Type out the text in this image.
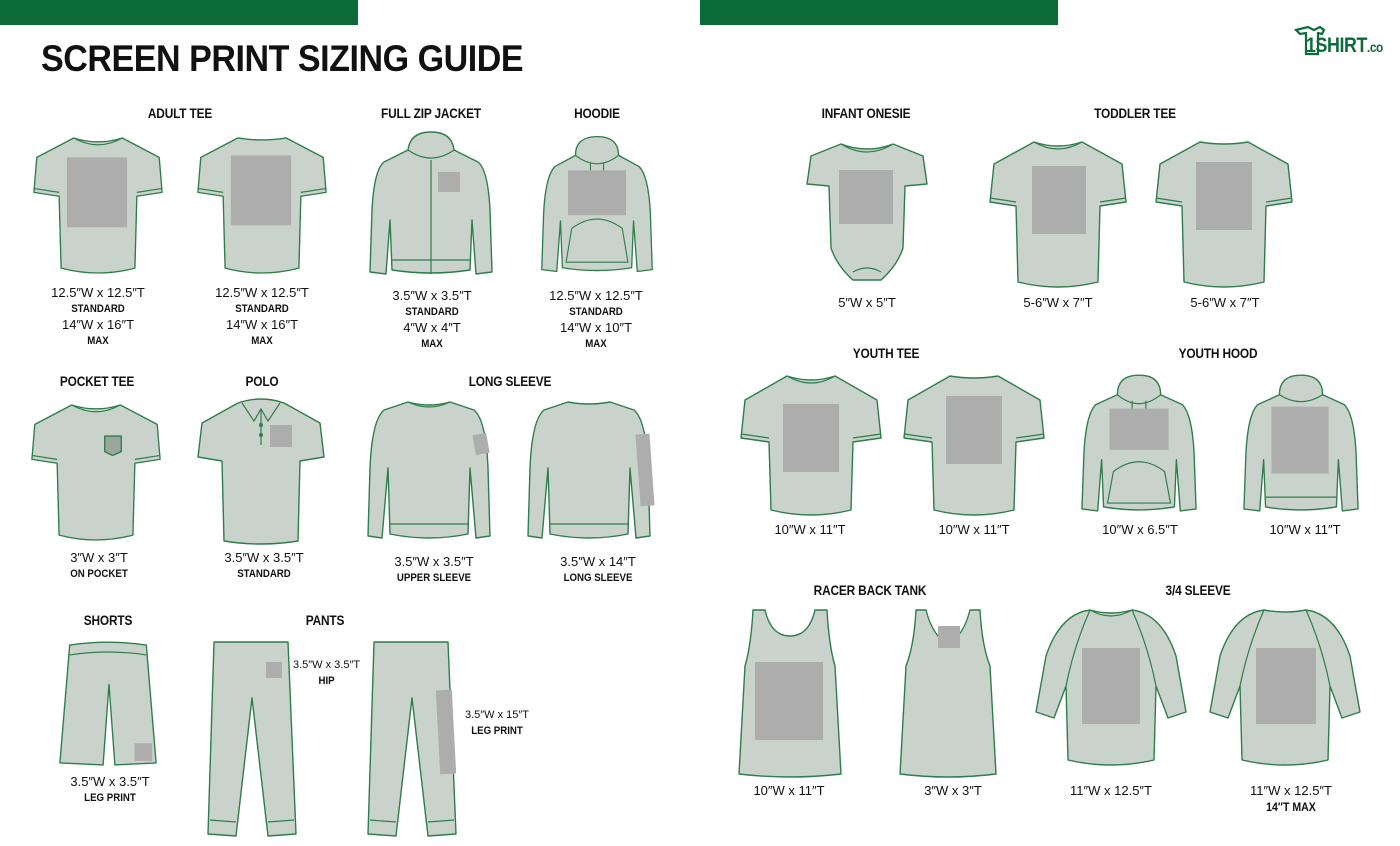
SCREEN PRINT SIZING GUIDE	1SHIRT.co
ADULT TEE	FULL ZIP JACKET	HOODIE
POCKET TEE	POLO	LONG SLEEVE
SHORTS	PANTS
INFANT ONESIE	TODDLER TEE
YOUTH TEE	YOUTH HOOD
RACER BACK TANK	3/4 SLEEVE
12.5″W x 12.5″T
STANDARD
14″W x 16″T
MAX
12.5″W x 12.5″T
STANDARD
14″W x 16″T
MAX
3.5″W x 3.5″T
STANDARD
4″W x 4″T
MAX
12.5″W x 12.5″T
STANDARD
14″W x 10″T
MAX
3″W x 3″T
ON POCKET
3.5″W x 3.5″T
STANDARD
3.5″W x 3.5″T
UPPER SLEEVE
3.5″W x 14″T
LONG SLEEVE
3.5″W x 3.5″T
LEG PRINT
3.5″W x 3.5″T
HIP
3.5″W x 15″T
LEG PRINT
5″W x 5″T	5-6″W x 7″T	5-6″W x 7″T
10″W x 11″T	10″W x 11″T	10″W x 6.5″T	10″W x 11″T
10″W x 11″T	3″W x 3″T	11″W x 12.5″T	11″W x 12.5″T
14″T MAX
